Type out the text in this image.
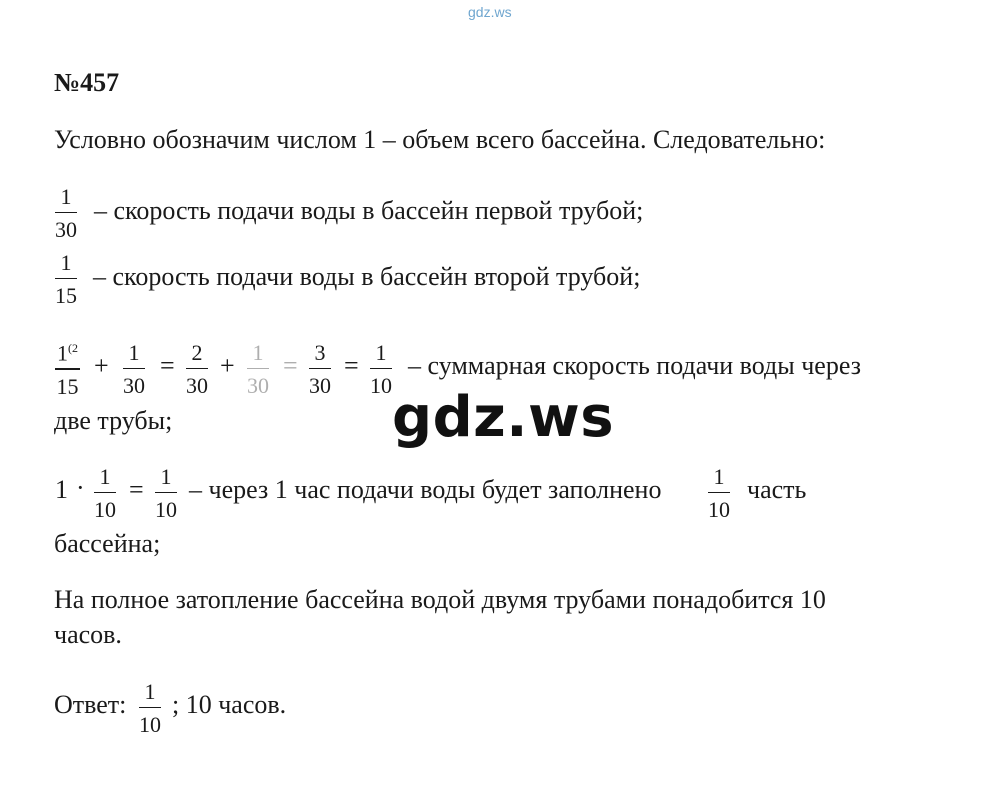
gdz.ws
№457
Условно обозначим числом 1 – объем всего бассейна. Следовательно:
1
30
– скорость подачи воды в бассейн первой трубой;
1
15
– скорость подачи воды в бассейн второй трубой;
1$^{(2}$
15
+ 1
30
= 2
30
+ 1
30
= 3
30
= 1
10
– суммарная скорость подачи воды через
две трубы;	gdz.ws
1 · 1
10
= 1
10
– через 1 час подачи воды будет заполнено 1
10
часть
бассейна;
На полное затопление бассейна водой двумя трубами понадобится 10
часов.
Ответ: 1
10
; 10 часов.
